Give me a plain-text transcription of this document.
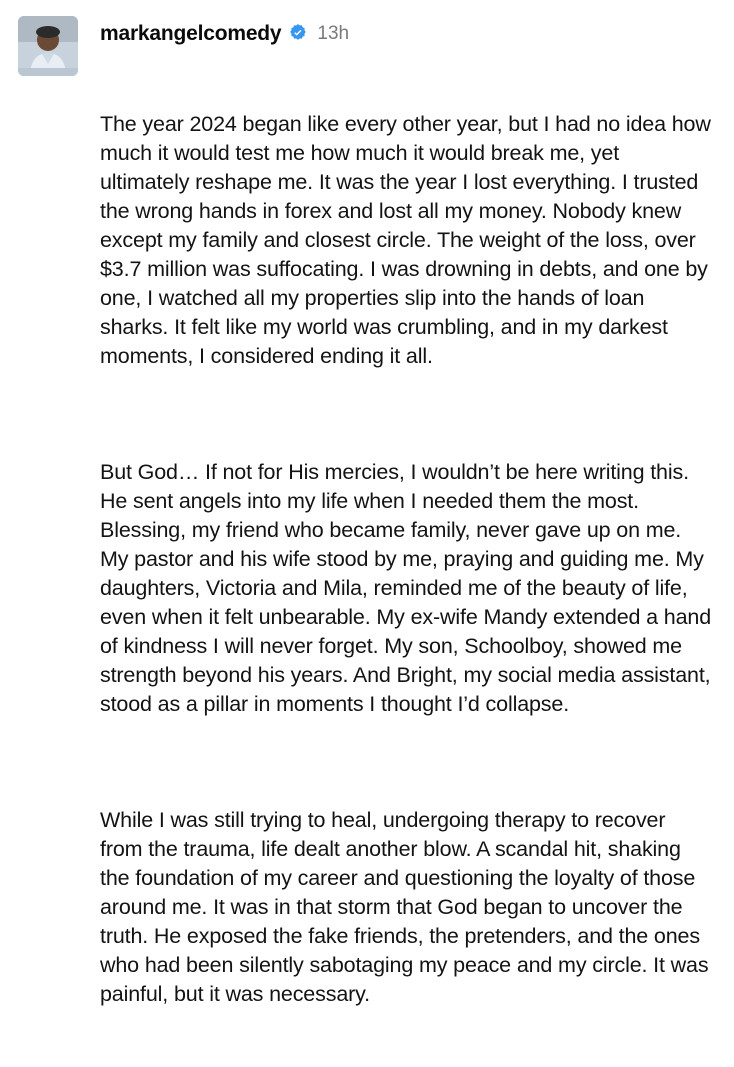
markangelcomedy 13h

The year 2024 began like every other year, but I had no idea how much it would test me how much it would break me, yet ultimately reshape me. It was the year I lost everything. I trusted the wrong hands in forex and lost all my money. Nobody knew except my family and closest circle. The weight of the loss, over $3.7 million was suffocating. I was drowning in debts, and one by one, I watched all my properties slip into the hands of loan sharks. It felt like my world was crumbling, and in my darkest moments, I considered ending it all.

But God… If not for His mercies, I wouldn’t be here writing this. He sent angels into my life when I needed them the most. Blessing, my friend who became family, never gave up on me. My pastor and his wife stood by me, praying and guiding me. My daughters, Victoria and Mila, reminded me of the beauty of life, even when it felt unbearable. My ex-wife Mandy extended a hand of kindness I will never forget. My son, Schoolboy, showed me strength beyond his years. And Bright, my social media assistant, stood as a pillar in moments I thought I’d collapse.

While I was still trying to heal, undergoing therapy to recover from the trauma, life dealt another blow. A scandal hit, shaking the foundation of my career and questioning the loyalty of those around me. It was in that storm that God began to uncover the truth. He exposed the fake friends, the pretenders, and the ones who had been silently sabotaging my peace and my circle. It was painful, but it was necessary.
